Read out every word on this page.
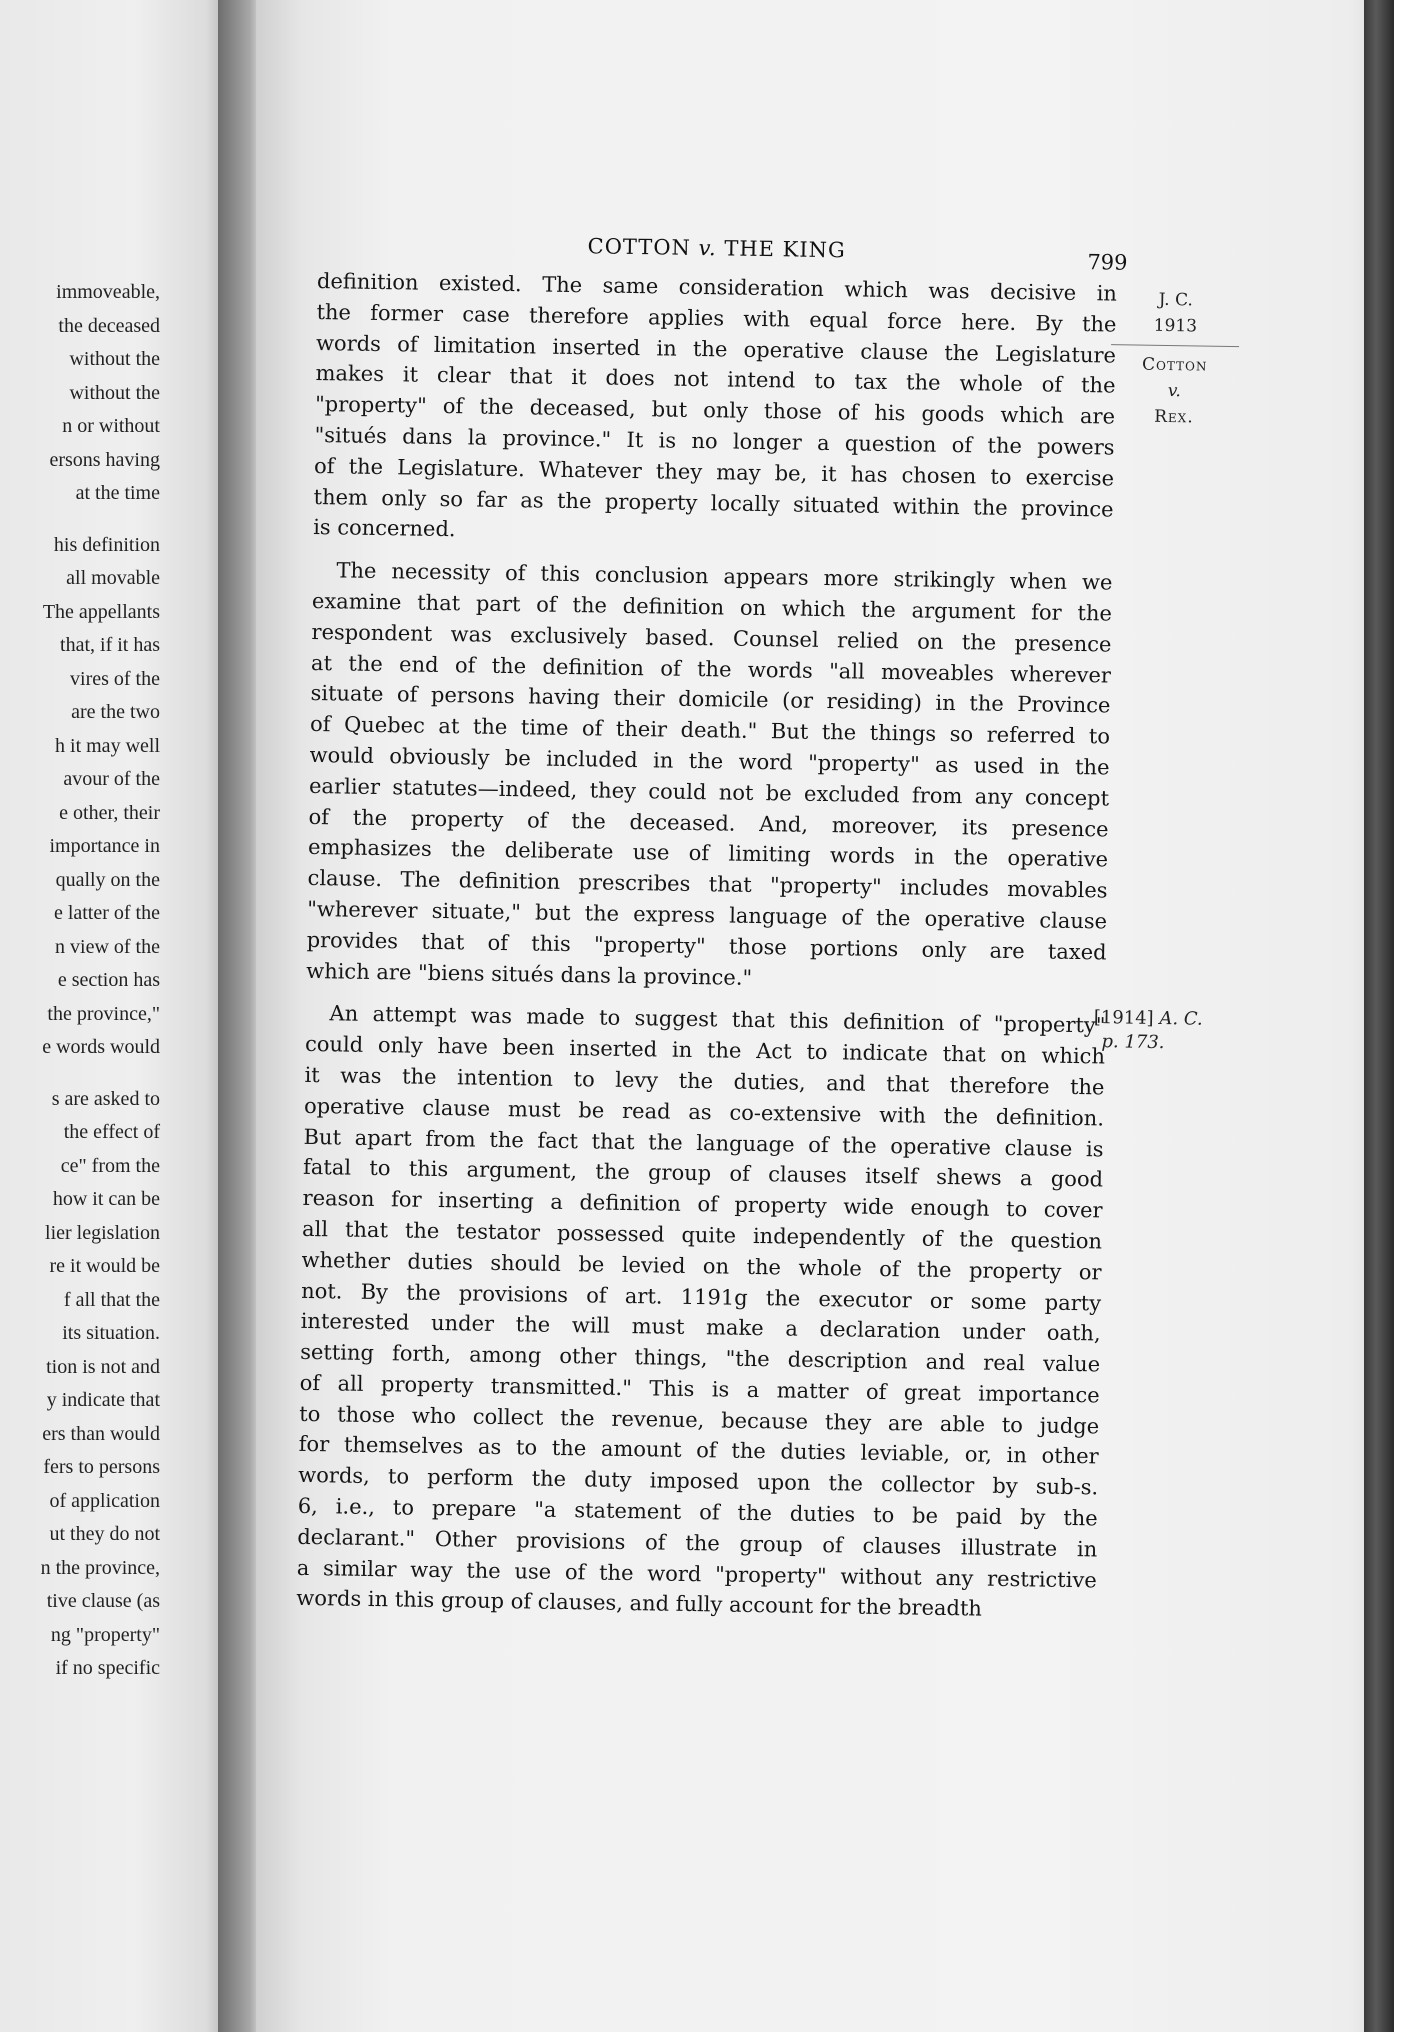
immoveable,
the deceased
without the
without the
n or without
ersons having
at the time
his definition
all movable
The appellants
that, if it has
vires of the
are the two
h it may well
avour of the
e other, their
importance in
qually on the
e latter of the
n view of the
e section has
the province,"
e words would
s are asked to
the effect of
ce" from the
how it can be
lier legislation
re it would be
f all that the
its situation.
tion is not and
y indicate that
ers than would
fers to persons
of application
ut they do not
n the province,
tive clause (as
ng "property"
if no specific
COTTON v. THE KING
799
definition existed. The same consideration which was decisive in
the former case therefore applies with equal force here. By the
words of limitation inserted in the operative clause the Legislature
makes it clear that it does not intend to tax the whole of the
"property" of the deceased, but only those of his goods which are
"situés dans la province." It is no longer a question of the powers
of the Legislature. Whatever they may be, it has chosen to exercise
them only so far as the property locally situated within the province
is concerned.
The necessity of this conclusion appears more strikingly when we
examine that part of the definition on which the argument for the
respondent was exclusively based. Counsel relied on the presence
at the end of the definition of the words "all moveables wherever
situate of persons having their domicile (or residing) in the Province
of Quebec at the time of their death." But the things so referred to
would obviously be included in the word "property" as used in the
earlier statutes—indeed, they could not be excluded from any concept
of the property of the deceased. And, moreover, its presence
emphasizes the deliberate use of limiting words in the operative
clause. The definition prescribes that "property" includes movables
"wherever situate," but the express language of the operative clause
provides that of this "property" those portions only are taxed
which are "biens situés dans la province."
An attempt was made to suggest that this definition of "property"
could only have been inserted in the Act to indicate that on which
it was the intention to levy the duties, and that therefore the
operative clause must be read as co-extensive with the definition.
But apart from the fact that the language of the operative clause is
fatal to this argument, the group of clauses itself shews a good
reason for inserting a definition of property wide enough to cover
all that the testator possessed quite independently of the question
whether duties should be levied on the whole of the property or
not. By the provisions of art. 1191g the executor or some party
interested under the will must make a declaration under oath,
setting forth, among other things, "the description and real value
of all property transmitted." This is a matter of great importance
to those who collect the revenue, because they are able to judge
for themselves as to the amount of the duties leviable, or, in other
words, to perform the duty imposed upon the collector by sub-s.
6, i.e., to prepare "a statement of the duties to be paid by the
declarant." Other provisions of the group of clauses illustrate in
a similar way the use of the word "property" without any restrictive
words in this group of clauses, and fully account for the breadth
J. C.
1913
Cotton
v.
Rex.
[1914] A. C.
p. 173.
